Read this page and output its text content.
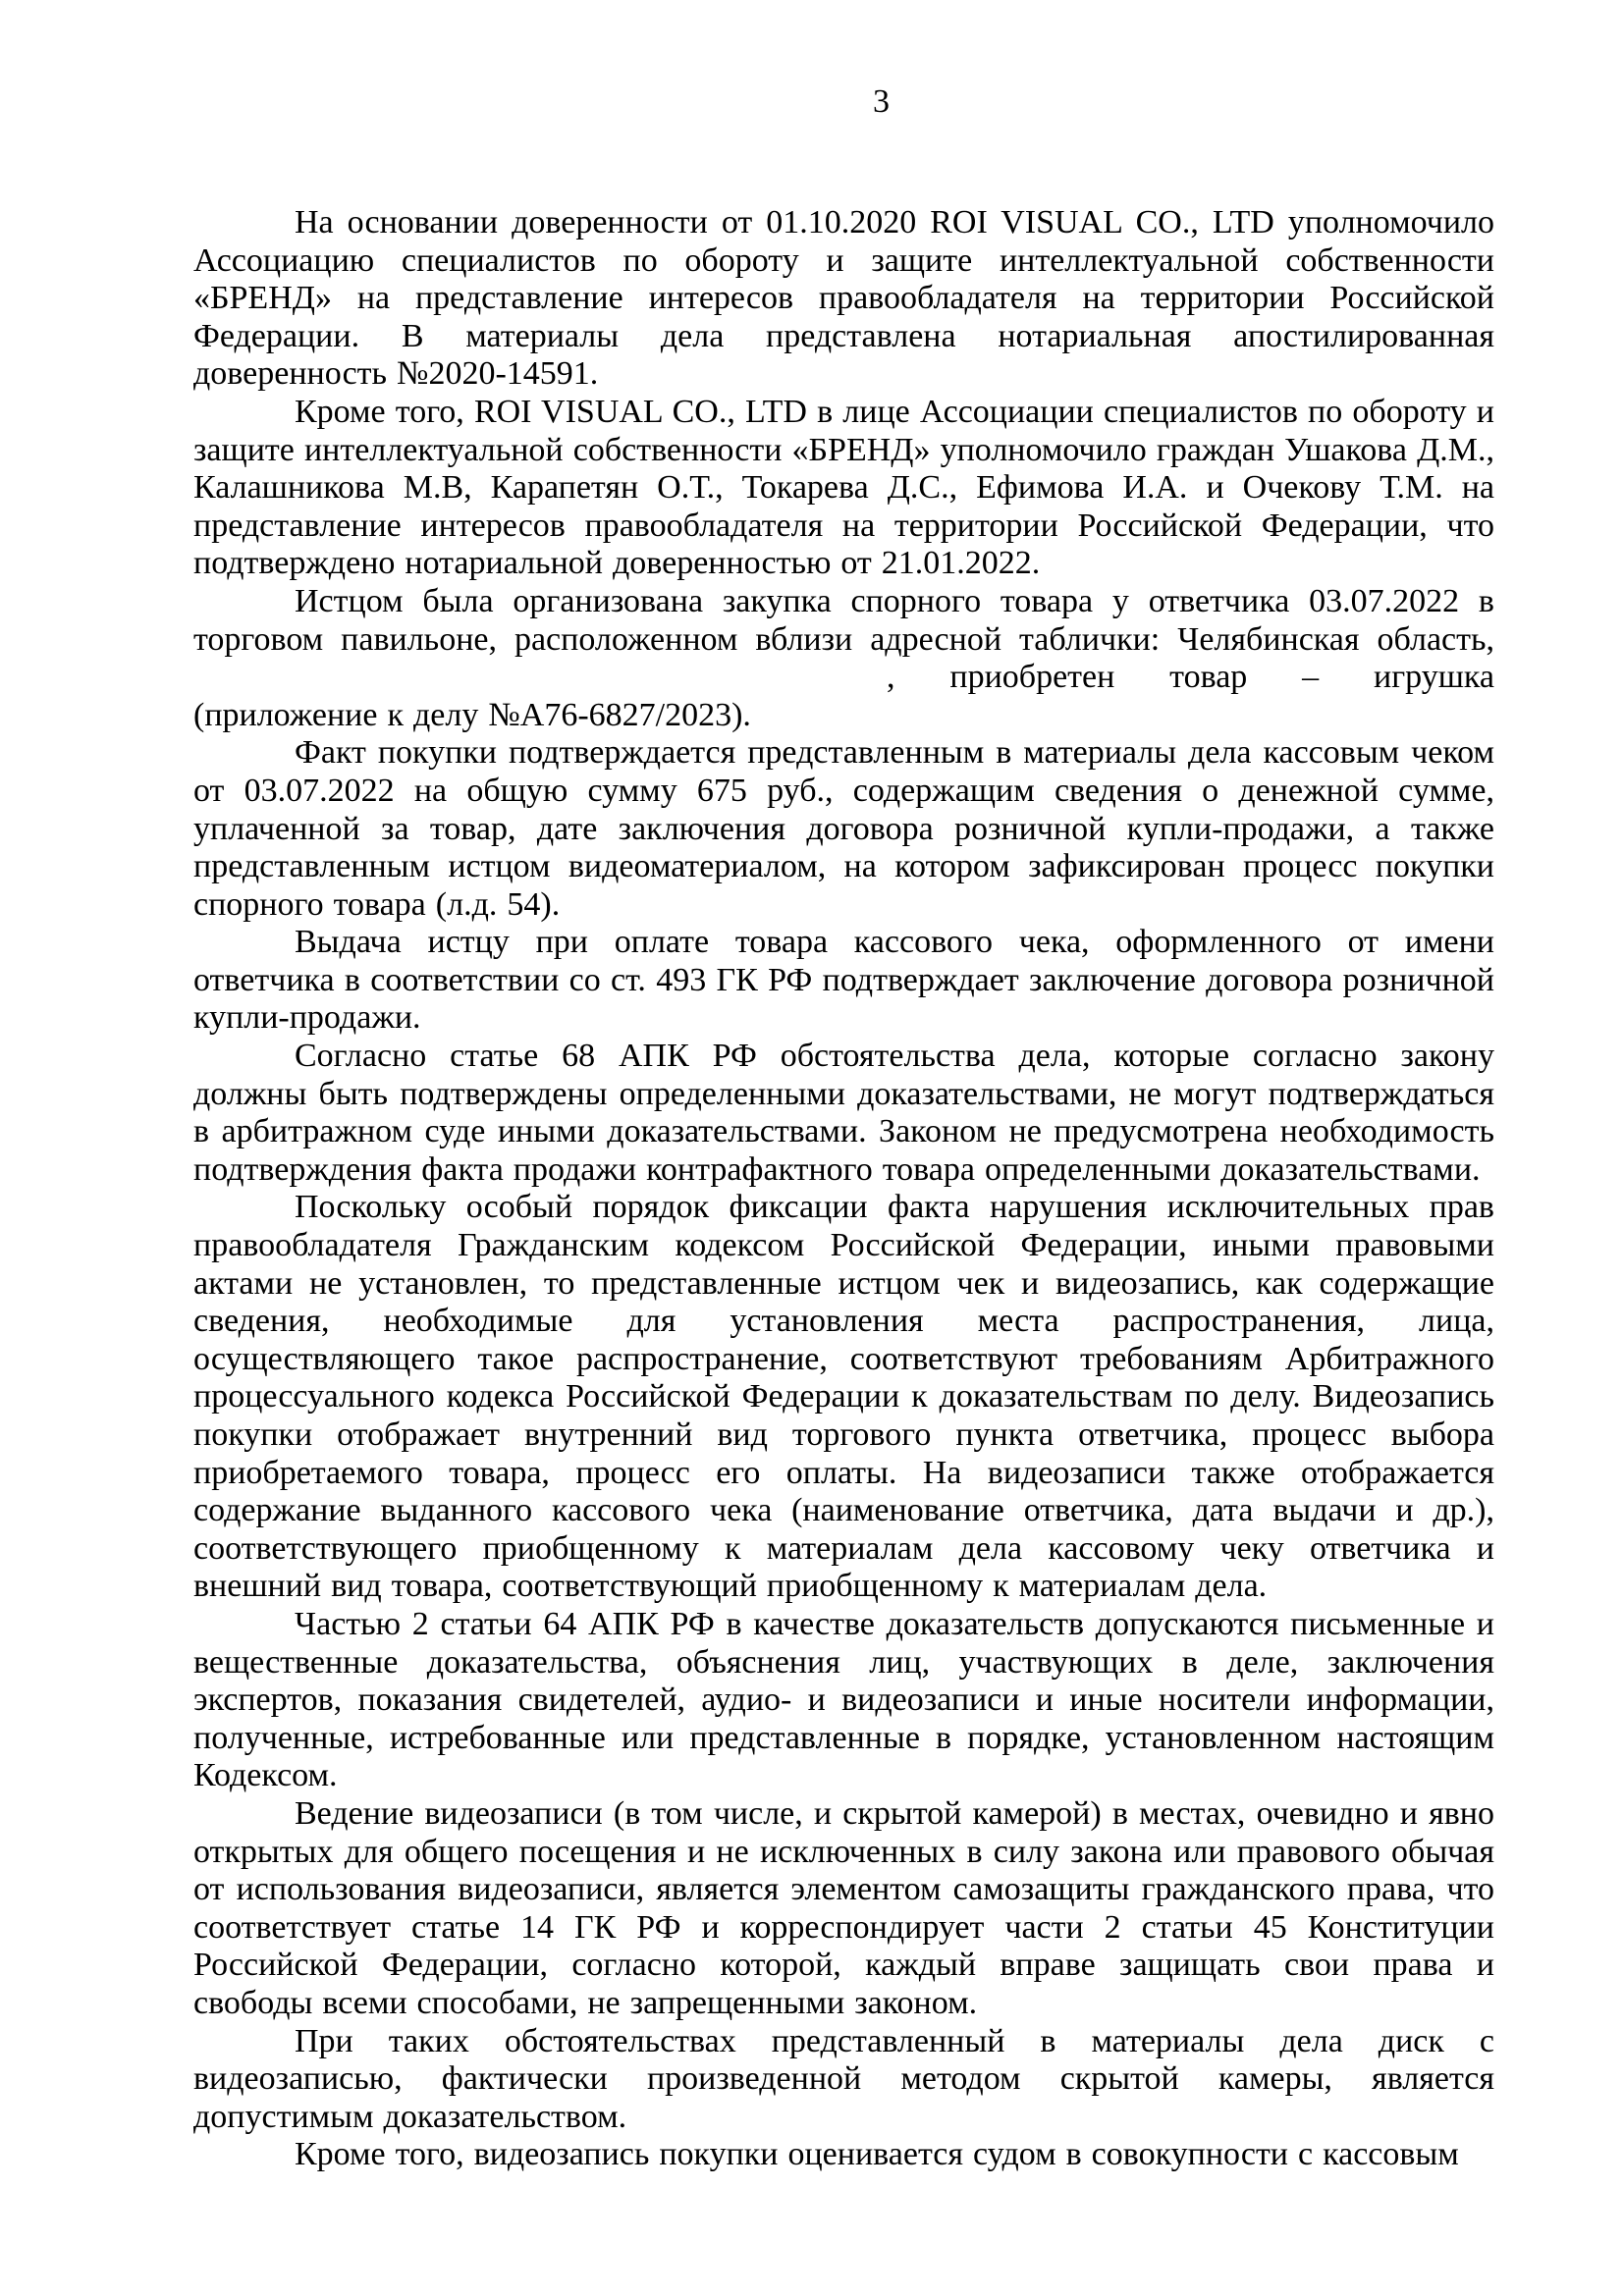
3

На основании доверенности от 01.10.2020 ROI VISUAL CO., LTD уполномочило Ассоциацию специалистов по обороту и защите интеллектуальной собственности «БРЕНД» на представление интересов правообладателя на территории Российской Федерации. В материалы дела представлена нотариальная апостилированная доверенность №2020-14591.

Кроме того, ROI VISUAL CO., LTD в лице Ассоциации специалистов по обороту и защите интеллектуальной собственности «БРЕНД» уполномочило граждан Ушакова Д.М., Калашникова М.В, Карапетян О.Т., Токарева Д.С., Ефимова И.А. и Очекову Т.М. на представление интересов правообладателя на территории Российской Федерации, что подтверждено нотариальной доверенностью от 21.01.2022.

Истцом была организована закупка спорного товара у ответчика 03.07.2022 в торговом павильоне, расположенном вблизи адресной таблички: Челябинская область,, приобретен товар – игрушка (приложение к делу №А76-6827/2023).

Факт покупки подтверждается представленным в материалы дела кассовым чеком от 03.07.2022 на общую сумму 675 руб., содержащим сведения о денежной сумме, уплаченной за товар, дате заключения договора розничной купли-продажи, а также представленным истцом видеоматериалом, на котором зафиксирован процесс покупки спорного товара (л.д. 54).

Выдача истцу при оплате товара кассового чека, оформленного от имени ответчика в соответствии со ст. 493 ГК РФ подтверждает заключение договора розничной купли-продажи.

Согласно статье 68 АПК РФ обстоятельства дела, которые согласно закону должны быть подтверждены определенными доказательствами, не могут подтверждаться в арбитражном суде иными доказательствами. Законом не предусмотрена необходимость подтверждения факта продажи контрафактного товара определенными доказательствами.

Поскольку особый порядок фиксации факта нарушения исключительных прав правообладателя Гражданским кодексом Российской Федерации, иными правовыми актами не установлен, то представленные истцом чек и видеозапись, как содержащие сведения, необходимые для установления места распространения, лица, осуществляющего такое распространение, соответствуют требованиям Арбитражного процессуального кодекса Российской Федерации к доказательствам по делу. Видеозапись покупки отображает внутренний вид торгового пункта ответчика, процесс выбора приобретаемого товара, процесс его оплаты. На видеозаписи также отображается содержание выданного кассового чека (наименование ответчика, дата выдачи и др.), соответствующего приобщенному к материалам дела кассовому чеку ответчика и внешний вид товара, соответствующий приобщенному к материалам дела.

Частью 2 статьи 64 АПК РФ в качестве доказательств допускаются письменные и вещественные доказательства, объяснения лиц, участвующих в деле, заключения экспертов, показания свидетелей, аудио- и видеозаписи и иные носители информации, полученные, истребованные или представленные в порядке, установленном настоящим Кодексом.

Ведение видеозаписи (в том числе, и скрытой камерой) в местах, очевидно и явно открытых для общего посещения и не исключенных в силу закона или правового обычая от использования видеозаписи, является элементом самозащиты гражданского права, что соответствует статье 14 ГК РФ и корреспондирует части 2 статьи 45 Конституции Российской Федерации, согласно которой, каждый вправе защищать свои права и свободы всеми способами, не запрещенными законом.

При таких обстоятельствах представленный в материалы дела диск с видеозаписью, фактически произведенной методом скрытой камеры, является допустимым доказательством.

Кроме того, видеозапись покупки оценивается судом в совокупности с кассовым
